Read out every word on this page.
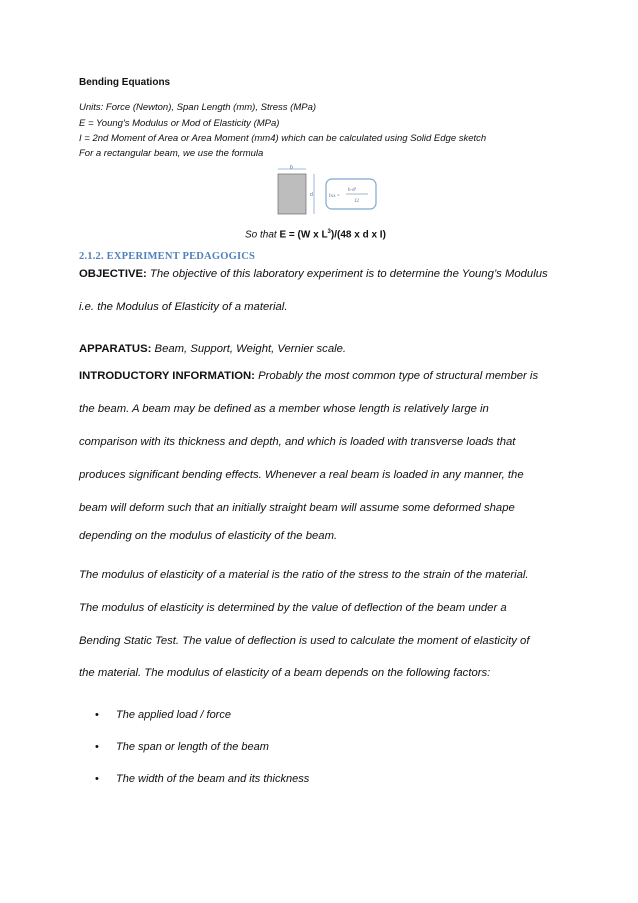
Bending Equations
Units: Force (Newton), Span Length (mm), Stress (MPa)
E = Young's Modulus or Mod of Elasticity (MPa)
I = 2nd Moment of Area or Area Moment (mm4) which can be calculated using Solid Edge sketch
For a rectangular beam, we use the formula
b
d	Ixx =
b·d³
12
So that E = (W x $L^3)/(48$ x d x I)
2.1.2. EXPERIMENT PEDAGOGICS
OBJECTIVE: The objective of this laboratory experiment is to determine the Young’s Modulus
i.e. the Modulus of Elasticity of a material.
APPARATUS: Beam, Support, Weight, Vernier scale.
INTRODUCTORY INFORMATION: Probably the most common type of structural member is
the beam. A beam may be defined as a member whose length is relatively large in
comparison with its thickness and depth, and which is loaded with transverse loads that
produces significant bending effects. Whenever a real beam is loaded in any manner, the
beam will deform such that an initially straight beam will assume some deformed shape
depending on the modulus of elasticity of the beam.
The modulus of elasticity of a material is the ratio of the stress to the strain of the material.
The modulus of elasticity is determined by the value of deflection of the beam under a
Bending Static Test. The value of deflection is used to calculate the moment of elasticity of
the material. The modulus of elasticity of a beam depends on the following factors:
• The applied load / force
• The span or length of the beam
• The width of the beam and its thickness
